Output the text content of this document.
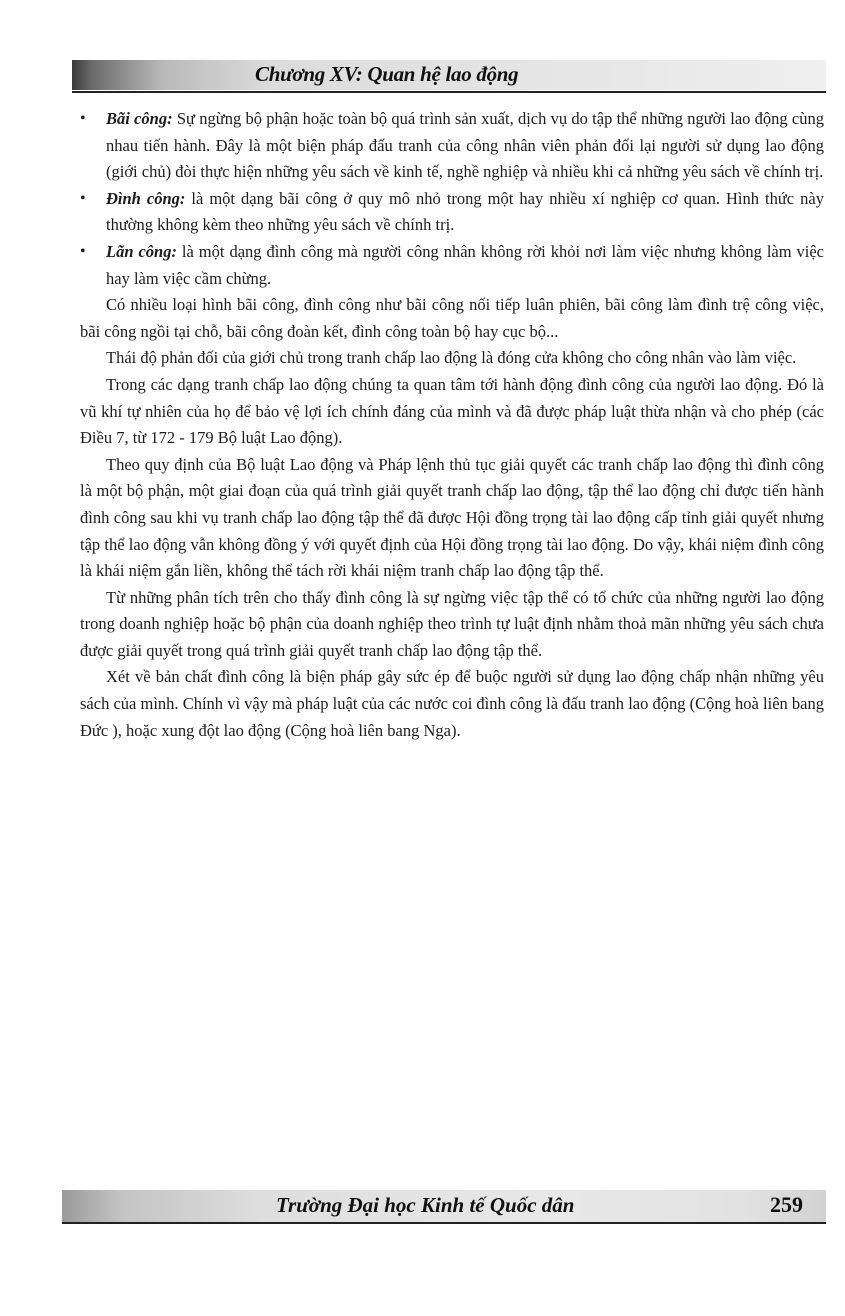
Chương XV: Quan hệ lao động

• Bãi công: Sự ngừng bộ phận hoặc toàn bộ quá trình sản xuất, dịch vụ do tập thể những người lao động cùng nhau tiến hành. Đây là một biện pháp đấu tranh của công nhân viên phản đối lại người sử dụng lao động (giới chủ) đòi thực hiện những yêu sách về kinh tế, nghề nghiệp và nhiều khi cả những yêu sách về chính trị.

• Đình công: là một dạng bãi công ở quy mô nhỏ trong một hay nhiều xí nghiệp cơ quan. Hình thức này thường không kèm theo những yêu sách về chính trị.

• Lãn công: là một dạng đình công mà người công nhân không rời khỏi nơi làm việc nhưng không làm việc hay làm việc cầm chừng.

Có nhiều loại hình bãi công, đình công như bãi công nối tiếp luân phiên, bãi công làm đình trệ công việc, bãi công ngồi tại chỗ, bãi công đoàn kết, đình công toàn bộ hay cục bộ...

Thái độ phản đối của giới chủ trong tranh chấp lao động là đóng cửa không cho công nhân vào làm việc.

Trong các dạng tranh chấp lao động chúng ta quan tâm tới hành động đình công của người lao động. Đó là vũ khí tự nhiên của họ để bảo vệ lợi ích chính đáng của mình và đã được pháp luật thừa nhận và cho phép (các Điều 7, từ 172 - 179 Bộ luật Lao động).

Theo quy định của Bộ luật Lao động và Pháp lệnh thủ tục giải quyết các tranh chấp lao động thì đình công là một bộ phận, một giai đoạn của quá trình giải quyết tranh chấp lao động, tập thể lao động chỉ được tiến hành đình công sau khi vụ tranh chấp lao động tập thể đã được Hội đồng trọng tài lao động cấp tỉnh giải quyết nhưng tập thể lao động vẫn không đồng ý với quyết định của Hội đồng trọng tài lao động. Do vậy, khái niệm đình công là khái niệm gắn liền, không thể tách rời khái niệm tranh chấp lao động tập thể.

Từ những phân tích trên cho thấy đình công là sự ngừng việc tập thể có tổ chức của những người lao động trong doanh nghiệp hoặc bộ phận của doanh nghiệp theo trình tự luật định nhằm thoả mãn những yêu sách chưa được giải quyết trong quá trình giải quyết tranh chấp lao động tập thể.

Xét về bản chất đình công là biện pháp gây sức ép để buộc người sử dụng lao động chấp nhận những yêu sách của mình. Chính vì vậy mà pháp luật của các nước coi đình công là đấu tranh lao động (Cộng hoà liên bang Đức ), hoặc xung đột lao động (Cộng hoà liên bang Nga).

Trường Đại học Kinh tế Quốc dân	259
